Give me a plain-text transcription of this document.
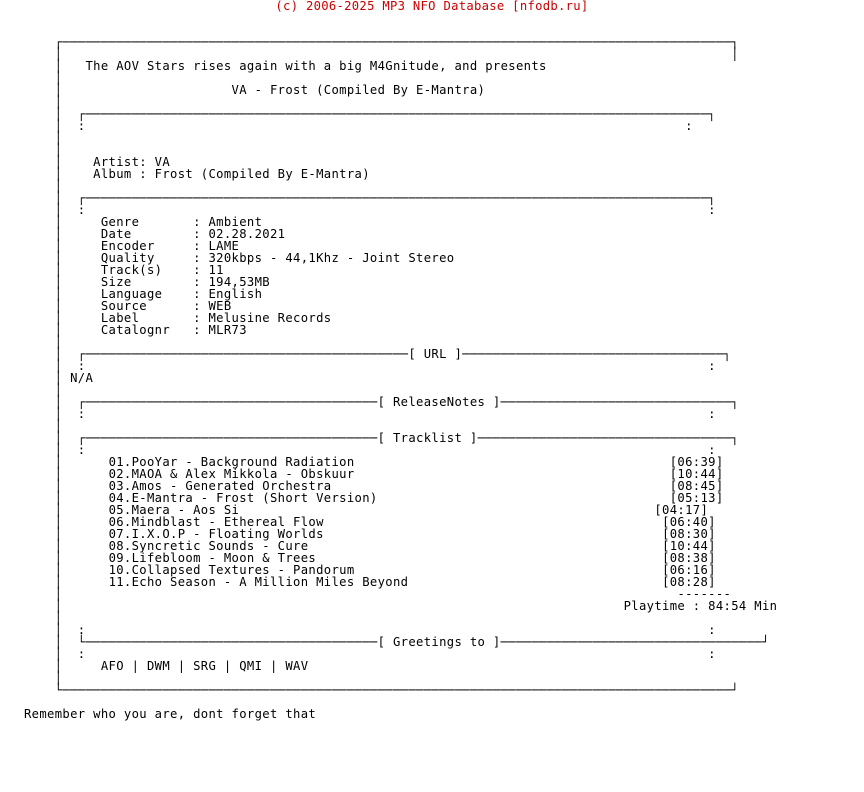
(c) 2006-2025 MP3 NFO Database [nfodb.ru]

┌───────────────────────────────────────────────────────────────────────────────────────┐
│                                                                                       │
│   The AOV Stars rises again with a big M4Gnitude, and presents
│
│                      VA - Frost (Compiled By E-Mantra)
│
│  ┌─────────────────────────────────────────────────────────────────────────────────┐
│  :                                                                              :
│
│
│    Artist: VA
│    Album : Frost (Compiled By E-Mantra)
│
│  ┌─────────────────────────────────────────────────────────────────────────────────┐
│  :                                                                                 :
│     Genre       : Ambient
│     Date        : 02.28.2021
│     Encoder     : LAME
│     Quality     : 320kbps - 44,1Khz - Joint Stereo
│     Track(s)    : 11
│     Size        : 194,53MB
│     Language    : English
│     Source      : WEB
│     Label       : Melusine Records
│     Catalognr   : MLR73
│
│  ┌──────────────────────────────────────────[ URL ]──────────────────────────────────┐
│  :                                                                                 :
│ N/A
│
│  ┌──────────────────────────────────────[ ReleaseNotes ]──────────────────────────────┐
│  :                                                                                 :
│
│  ┌──────────────────────────────────────[ Tracklist ]─────────────────────────────────┐
│  :                                                                                 :
│      01.PooYar - Background Radiation	[06:39]
│      02.MAOA & Alex Mikkola - Obskuur	[10:44]
│      03.Amos - Generated Orchestra	[08:45]
│      04.E-Mantra - Frost (Short Version)	[05:13]
│      05.Maera - Aos Si	[04:17]
│      06.Mindblast - Ethereal Flow	[06:40]
│      07.I.X.O.P - Floating Worlds	[08:30]
│      08.Syncretic Sounds - Cure	[10:44]
│      09.Lifebloom - Moon & Trees	[08:38]
│      10.Collapsed Textures - Pandorum	[06:16]
│      11.Echo Season - A Million Miles Beyond	[08:28]
│                                                                                -------
│                                                                         Playtime : 84:54 Min
│
│  :                                                                                 :
│  └──────────────────────────────────────[ Greetings to ]──────────────────────────────────┘
│  :                                                                                 :
│     AFO | DWM | SRG | QMI | WAV
│
└───────────────────────────────────────────────────────────────────────────────────────┘

Remember who you are, dont forget that
